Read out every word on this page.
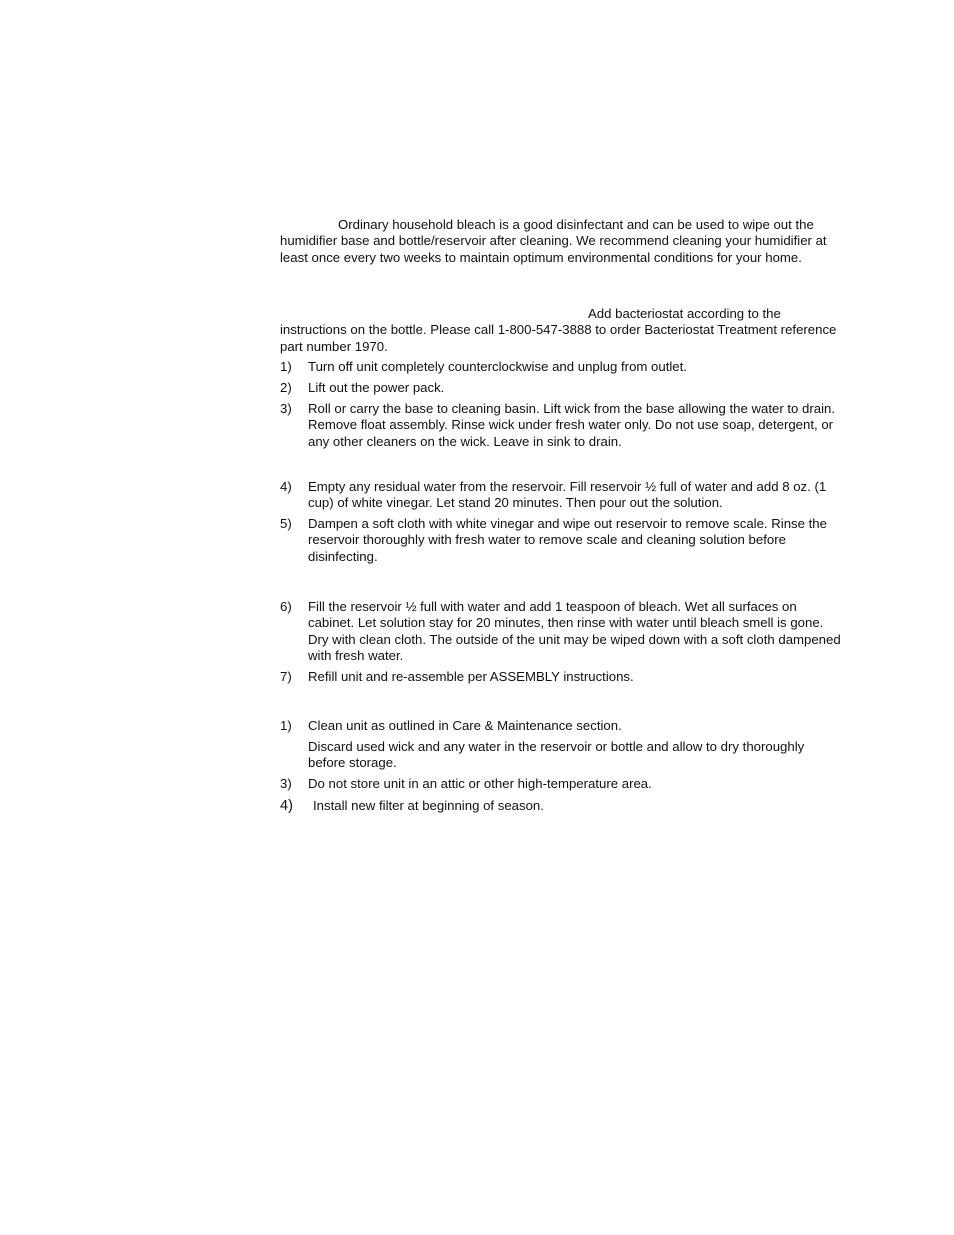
Ordinary household bleach is a good disinfectant and can be used to wipe out the humidifier base and bottle/reservoir after cleaning. We recommend cleaning your humidifier at least once every two weeks to maintain optimum environmental conditions for your home.

Add bacteriostat according to the instructions on the bottle. Please call 1-800-547-3888 to order Bacteriostat Treatment reference part number 1970.

1)	Turn off unit completely counterclockwise and unplug from outlet.
2)	Lift out the power pack.
3)	Roll or carry the base to cleaning basin. Lift wick from the base allowing the water to drain. Remove float assembly. Rinse wick under fresh water only. Do not use soap, detergent, or any other cleaners on the wick. Leave in sink to drain.
4)	Empty any residual water from the reservoir. Fill reservoir ½ full of water and add 8 oz. (1 cup) of white vinegar. Let stand 20 minutes. Then pour out the solution.
5)	Dampen a soft cloth with white vinegar and wipe out reservoir to remove scale. Rinse the reservoir thoroughly with fresh water to remove scale and cleaning solution before disinfecting.
6)	Fill the reservoir ½ full with water and add 1 teaspoon of bleach. Wet all surfaces on cabinet. Let solution stay for 20 minutes, then rinse with water until bleach smell is gone. Dry with clean cloth. The outside of the unit may be wiped down with a soft cloth dampened with fresh water.
7)	Refill unit and re-assemble per ASSEMBLY instructions.
1)	Clean unit as outlined in Care & Maintenance section.
Discard used wick and any water in the reservoir or bottle and allow to dry thoroughly before storage.
3)	Do not store unit in an attic or other high-temperature area.
4)	Install new filter at beginning of season.
